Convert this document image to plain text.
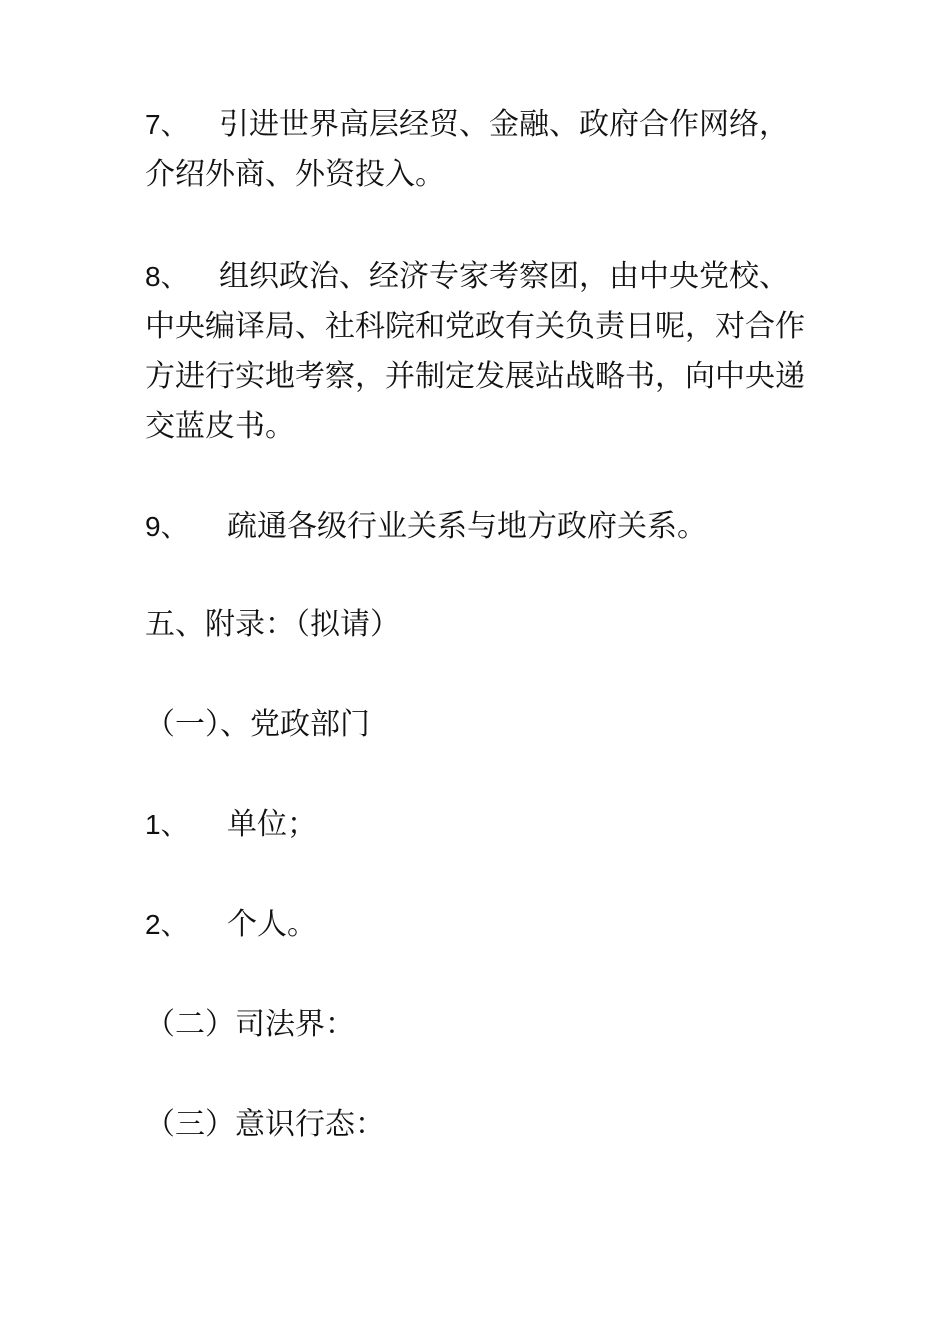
7、 引进世界高层经贸、金融、政府合作网络，介绍外商、外资投入。

8、 组织政治、经济专家考察团，由中央党校、中央编译局、社科院和党政有关负责日呢，对合作方进行实地考察，并制定发展站战略书，向中央递交蓝皮书。

9、 疏通各级行业关系与地方政府关系。

五、附录：（拟请）

（一）、党政部门

1、 单位；

2、 个人。

（二）司法界：

（三）意识行态：
